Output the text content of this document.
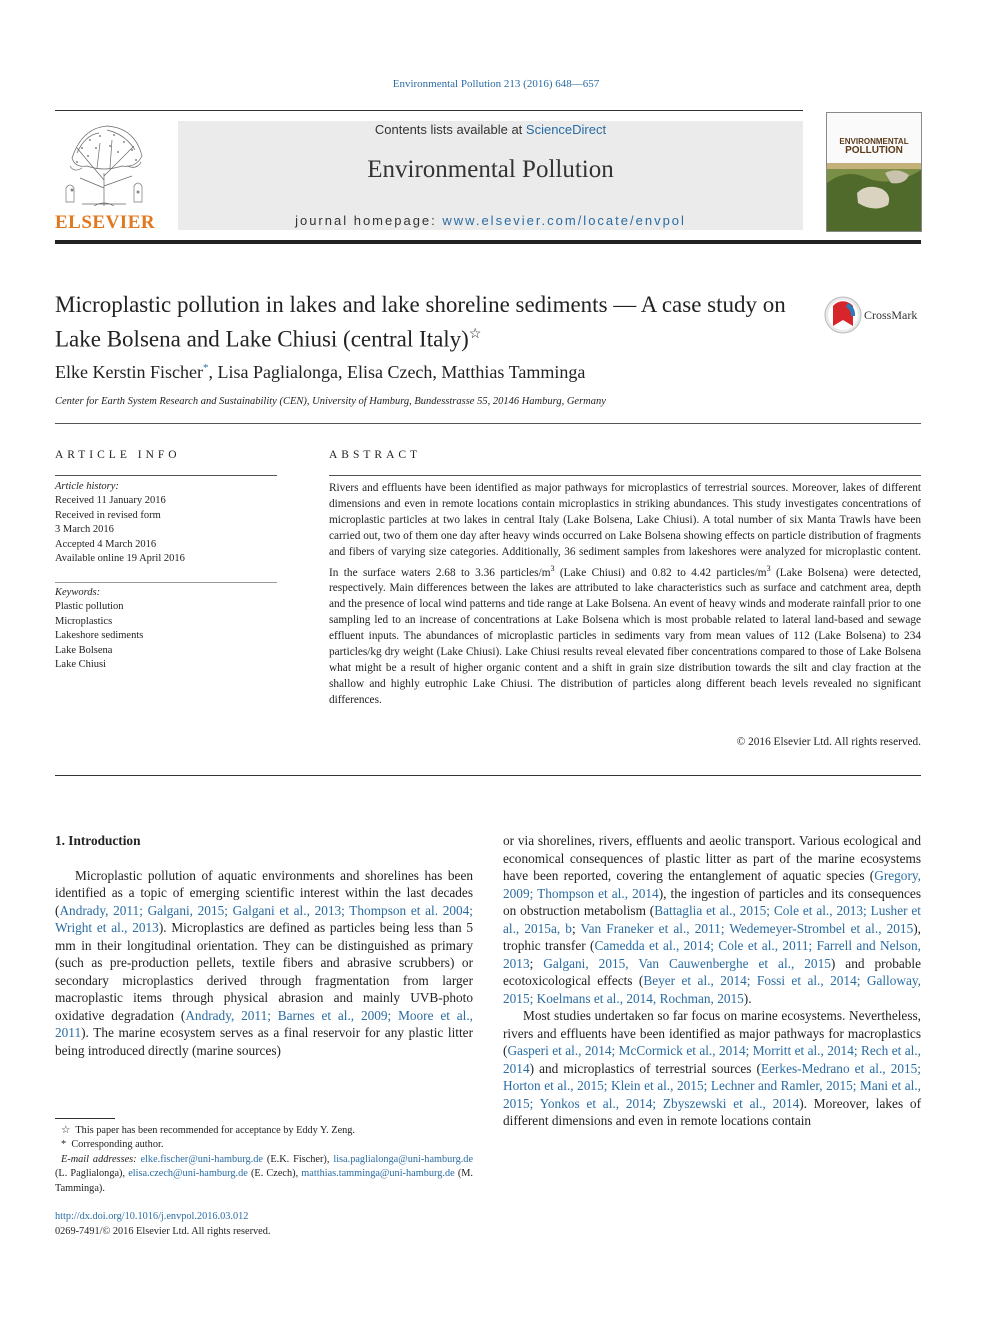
Environmental Pollution 213 (2016) 648—657
ELSEVIER
Contents lists available at ScienceDirect
Environmental Pollution
journal homepage: www.elsevier.com/locate/envpol
ENVIRONMENTAL
POLLUTION
Microplastic pollution in lakes and lake shoreline sediments — A case study on Lake Bolsena and Lake Chiusi (central Italy)☆
CrossMark
Elke Kerstin Fischer*, Lisa Paglialonga, Elisa Czech, Matthias Tamminga
Center for Earth System Research and Sustainability (CEN), University of Hamburg, Bundesstrasse 55, 20146 Hamburg, Germany
ARTICLE INFO
Article history:
Received 11 January 2016
Received in revised form
3 March 2016
Accepted 4 March 2016
Available online 19 April 2016
Keywords:
Plastic pollution
Microplastics
Lakeshore sediments
Lake Bolsena
Lake Chiusi
ABSTRACT
Rivers and effluents have been identified as major pathways for microplastics of terrestrial sources. Moreover, lakes of different dimensions and even in remote locations contain microplastics in striking abundances. This study investigates concentrations of microplastic particles at two lakes in central Italy (Lake Bolsena, Lake Chiusi). A total number of six Manta Trawls have been carried out, two of them one day after heavy winds occurred on Lake Bolsena showing effects on particle distribution of fragments and fibers of varying size categories. Additionally, 36 sediment samples from lakeshores were analyzed for microplastic content. In the surface waters 2.68 to 3.36 particles/$m^3$ (Lake Chiusi) and 0.82 to 4.42 particles/$m^3$ (Lake Bolsena) were detected, respectively. Main differences between the lakes are attributed to lake characteristics such as surface and catchment area, depth and the presence of local wind patterns and tide range at Lake Bolsena. An event of heavy winds and moderate rainfall prior to one sampling led to an increase of concentrations at Lake Bolsena which is most probable related to lateral land-based and sewage effluent inputs. The abundances of microplastic particles in sediments vary from mean values of 112 (Lake Bolsena) to 234 particles/kg dry weight (Lake Chiusi). Lake Chiusi results reveal elevated fiber concentrations compared to those of Lake Bolsena what might be a result of higher organic content and a shift in grain size distribution towards the silt and clay fraction at the shallow and highly eutrophic Lake Chiusi. The distribution of particles along different beach levels revealed no significant differences.
© 2016 Elsevier Ltd. All rights reserved.
1. Introduction

Microplastic pollution of aquatic environments and shorelines has been identified as a topic of emerging scientific interest within the last decades (Andrady, 2011; Galgani, 2015; Galgani et al., 2013; Thompson et al. 2004; Wright et al., 2013). Microplastics are defined as particles being less than 5 mm in their longitudinal orientation. They can be distinguished as primary (such as pre-production pellets, textile fibers and abrasive scrubbers) or secondary microplastics derived through fragmentation from larger macroplastic items through physical abrasion and mainly UVB-photo oxidative degradation (Andrady, 2011; Barnes et al., 2009; Moore et al., 2011). The marine ecosystem serves as a final reservoir for any plastic litter being introduced directly (marine sources)

or via shorelines, rivers, effluents and aeolic transport. Various ecological and economical consequences of plastic litter as part of the marine ecosystems have been reported, covering the entanglement of aquatic species (Gregory, 2009; Thompson et al., 2014), the ingestion of particles and its consequences on obstruction metabolism (Battaglia et al., 2015; Cole et al., 2013; Lusher et al., 2015a, b; Van Franeker et al., 2011; Wedemeyer-Strombel et al., 2015), trophic transfer (Camedda et al., 2014; Cole et al., 2011; Farrell and Nelson, 2013; Galgani, 2015, Van Cauwenberghe et al., 2015) and probable ecotoxicological effects (Beyer et al., 2014; Fossi et al., 2014; Galloway, 2015; Koelmans et al., 2014, Rochman, 2015).

Most studies undertaken so far focus on marine ecosystems. Nevertheless, rivers and effluents have been identified as major pathways for macroplastics (Gasperi et al., 2014; McCormick et al., 2014; Morritt et al., 2014; Rech et al., 2014) and microplastics of terrestrial sources (Eerkes-Medrano et al., 2015; Horton et al., 2015; Klein et al., 2015; Lechner and Ramler, 2015; Mani et al., 2015; Yonkos et al., 2014; Zbyszewski et al., 2014). Moreover, lakes of different dimensions and even in remote locations contain

☆ This paper has been recommended for acceptance by Eddy Y. Zeng.
* Corresponding author.
E-mail addresses: elke.fischer@uni-hamburg.de (E.K. Fischer), lisa.paglialonga@uni-hamburg.de (L. Paglialonga), elisa.czech@uni-hamburg.de (E. Czech), matthias.tamminga@uni-hamburg.de (M. Tamminga).
http://dx.doi.org/10.1016/j.envpol.2016.03.012
0269-7491/© 2016 Elsevier Ltd. All rights reserved.
